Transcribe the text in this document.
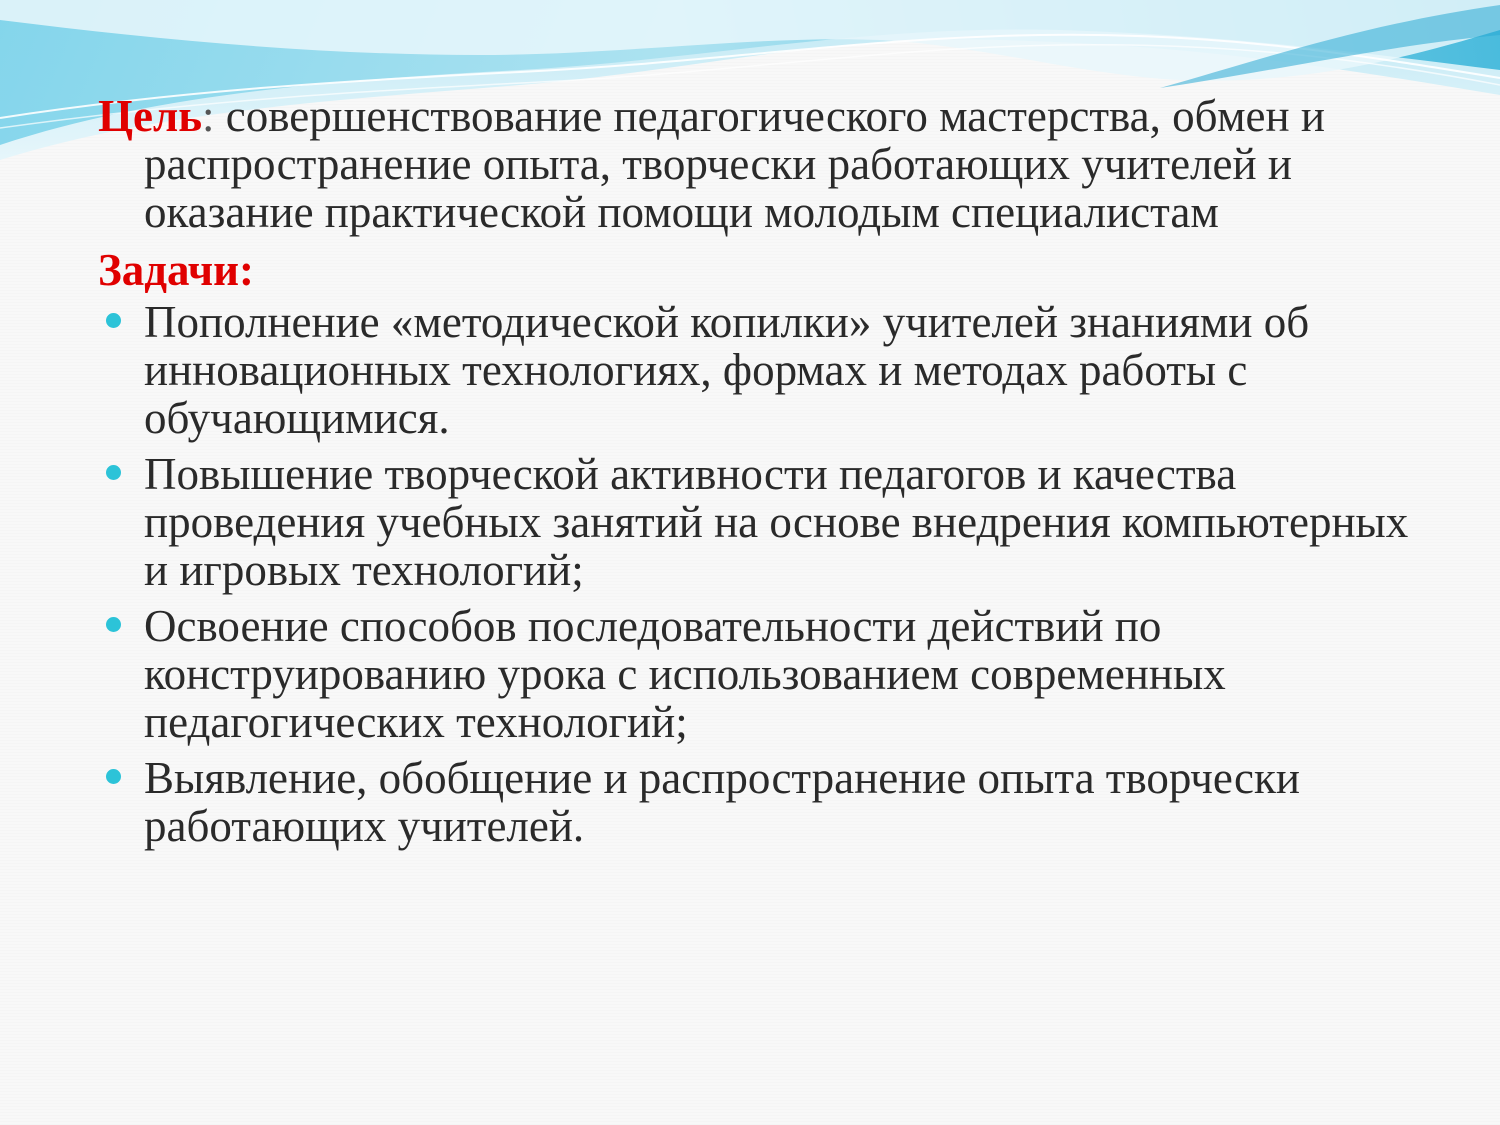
Цель: совершенствование педагогического мастерства, обмен и распространение опыта, творчески работающих учителей и оказание практической помощи молодым специалистам
Задачи:
Пополнение «методической копилки» учителей знаниями об инновационных технологиях, формах и методах работы с обучающимися.
Повышение творческой активности педагогов и качества проведения учебных занятий на основе внедрения компьютерных и игровых технологий;
Освоение способов последовательности действий по конструированию урока с использованием современных педагогических технологий;
Выявление, обобщение и распространение опыта творчески работающих учителей.
